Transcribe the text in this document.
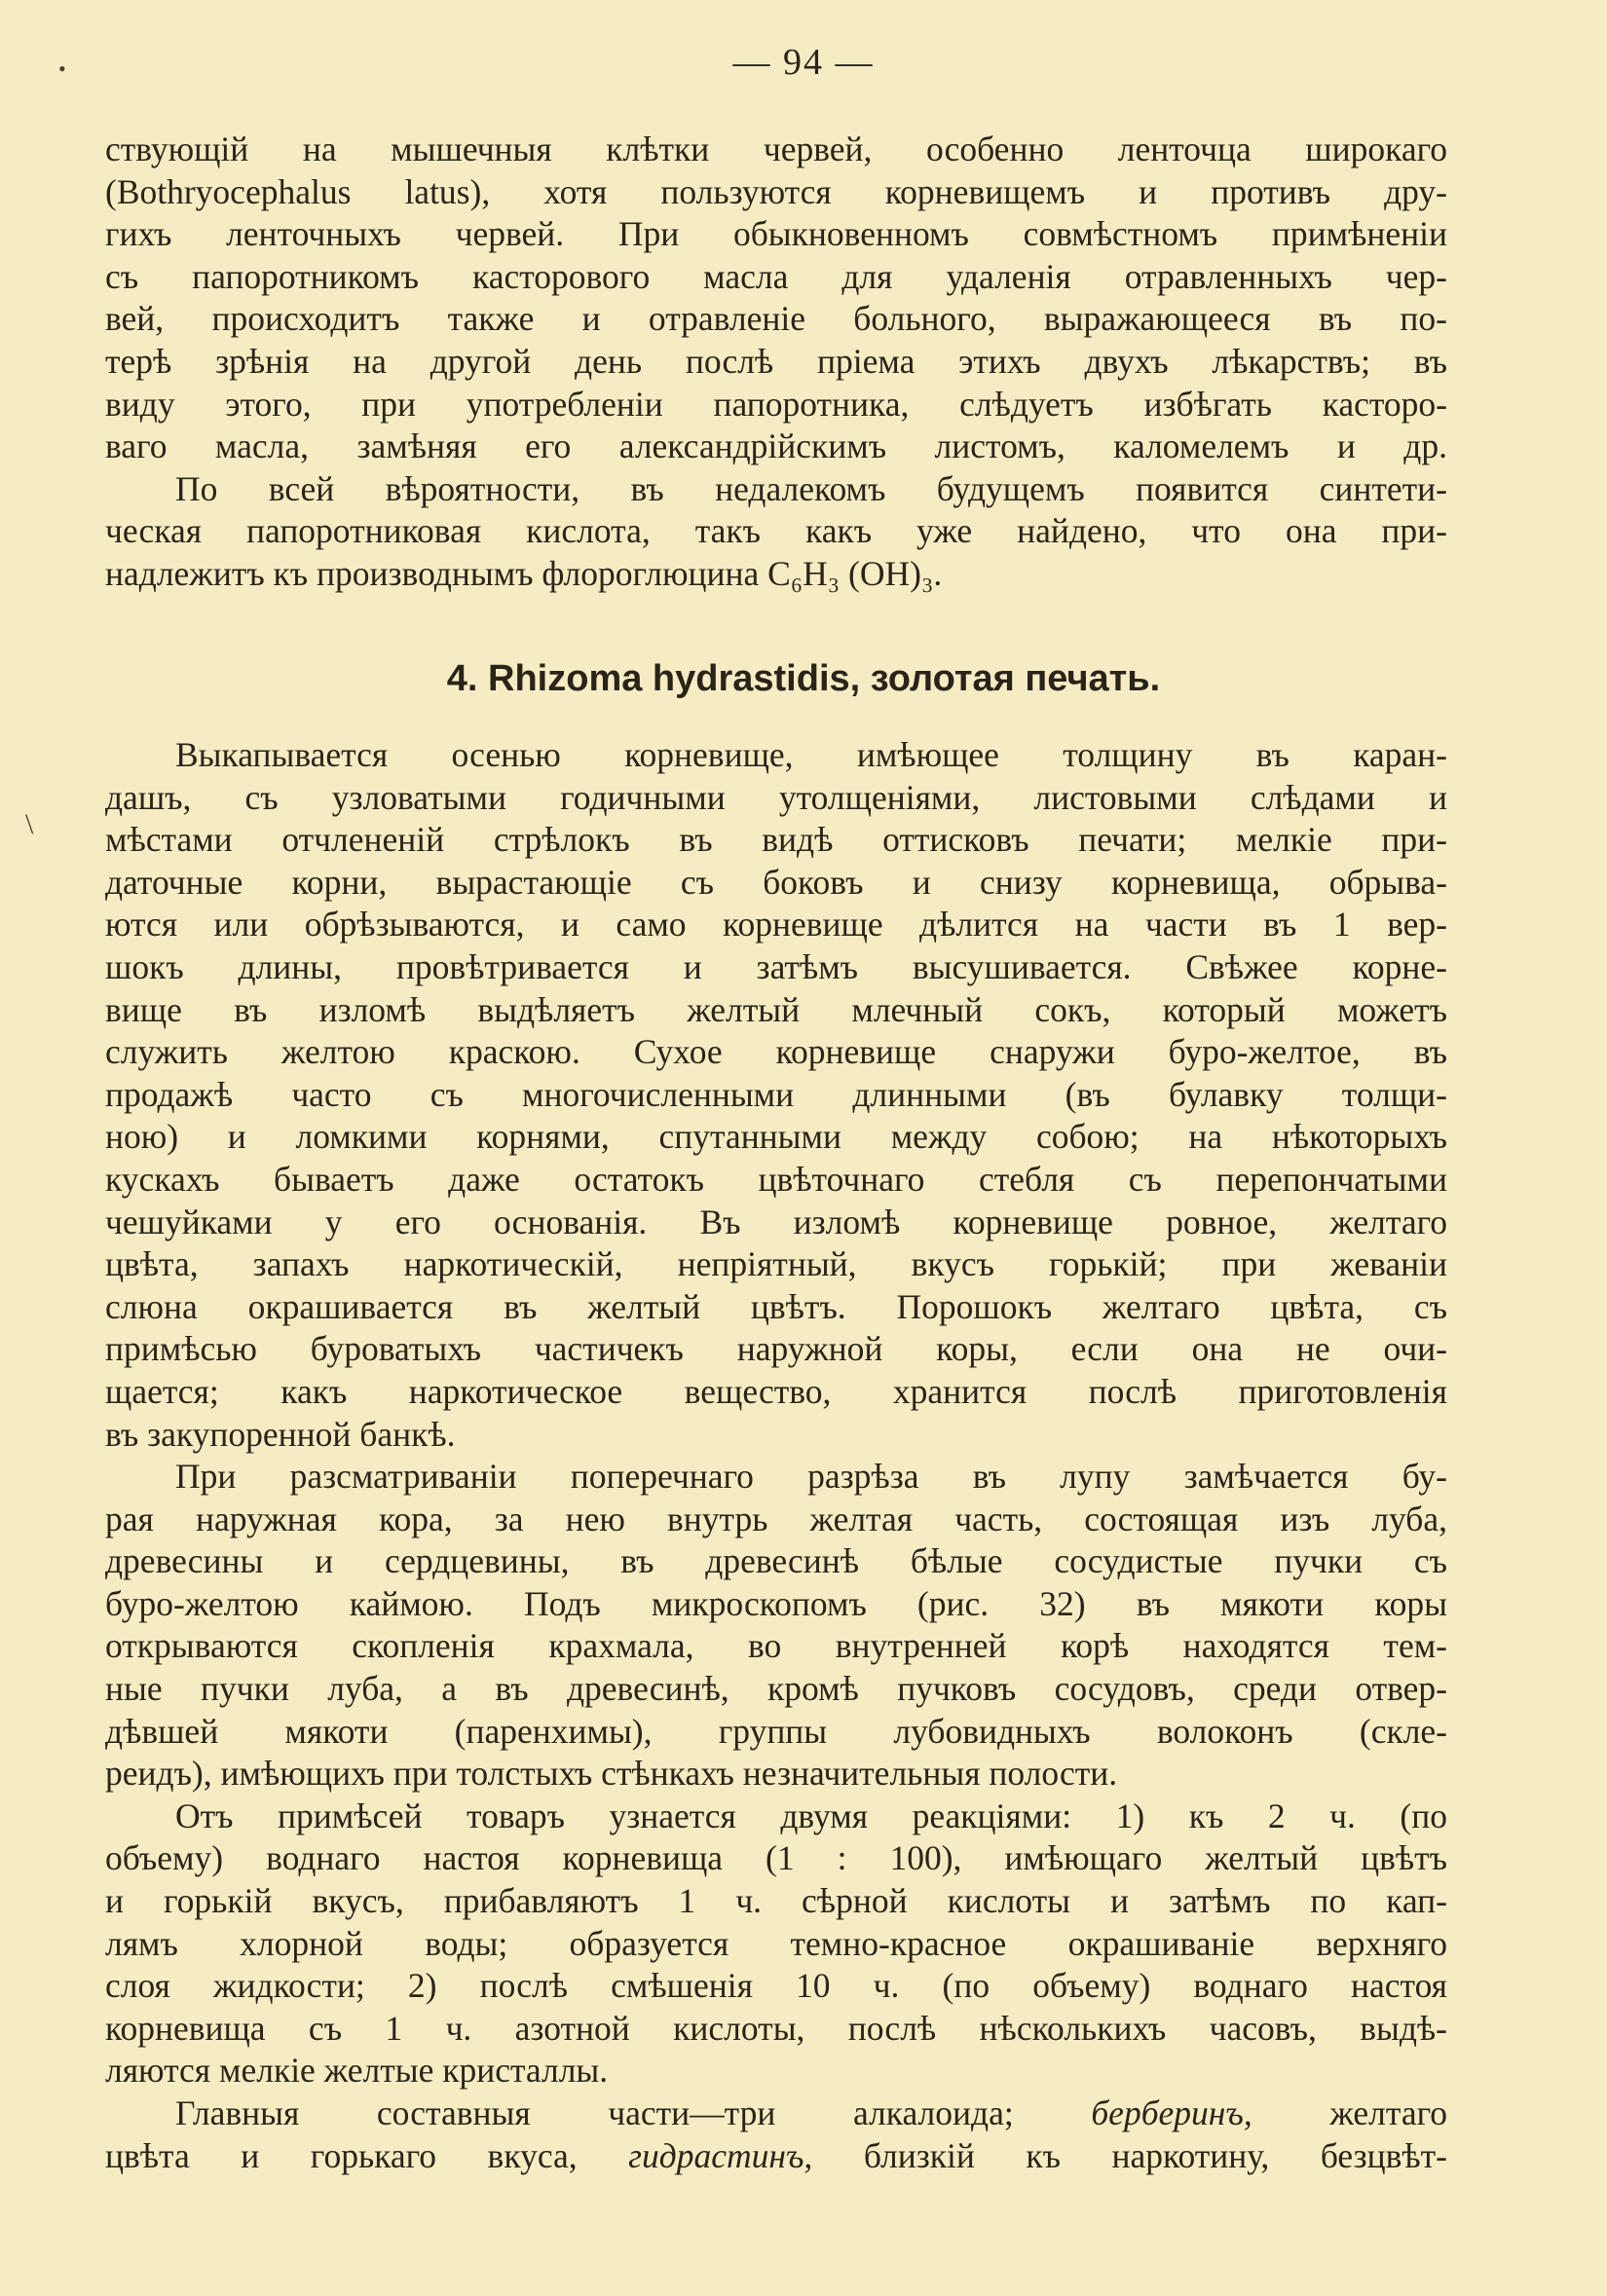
•
\
— 94 —
ствующій на мышечныя клѣтки червей, особенно ленточца широкаго
(Bothryocephalus latus), хотя пользуются корневищемъ и противъ дру-
гихъ ленточныхъ червей. При обыкновенномъ совмѣстномъ примѣненіи
съ папоротникомъ касторового масла для удаленія отравленныхъ чер-
вей, происходитъ также и отравленіе больного, выражающееся въ по-
терѣ зрѣнія на другой день послѣ пріема этихъ двухъ лѣкарствъ; въ
виду этого, при употребленіи папоротника, слѣдуетъ избѣгать касторо-
ваго масла, замѣняя его александрійскимъ листомъ, каломелемъ и др.
По всей вѣроятности, въ недалекомъ будущемъ появится синтети-
ческая папоротниковая кислота, такъ какъ уже найдено, что она при-
надлежитъ къ производнымъ флороглюцина C₆H₃ (OH)₃.
4. Rhizoma hydrastidis, золотая печать.
Выкапывается осенью корневище, имѣющее толщину въ каран-
дашъ, съ узловатыми годичными утолщеніями, листовыми слѣдами и
мѣстами отчлененій стрѣлокъ въ видѣ оттисковъ печати; мелкіе при-
даточные корни, вырастающіе съ боковъ и снизу корневища, обрыва-
ются или обрѣзываются, и само корневище дѣлится на части въ 1 вер-
шокъ длины, провѣтривается и затѣмъ высушивается. Свѣжее корне-
вище въ изломѣ выдѣляетъ желтый млечный сокъ, который можетъ
служить желтою краскою. Сухое корневище снаружи буро-желтое, въ
продажѣ часто съ многочисленными длинными (въ булавку толщи-
ною) и ломкими корнями, спутанными между собою; на нѣкоторыхъ
кускахъ бываетъ даже остатокъ цвѣточнаго стебля съ перепончатыми
чешуйками у его основанія. Въ изломѣ корневище ровное, желтаго
цвѣта, запахъ наркотическій, непріятный, вкусъ горькій; при жеваніи
слюна окрашивается въ желтый цвѣтъ. Порошокъ желтаго цвѣта, съ
примѣсью буроватыхъ частичекъ наружной коры, если она не очи-
щается; какъ наркотическое вещество, хранится послѣ приготовленія
въ закупоренной банкѣ.
При разсматриваніи поперечнаго разрѣза въ лупу замѣчается бу-
рая наружная кора, за нею внутрь желтая часть, состоящая изъ луба,
древесины и сердцевины, въ древесинѣ бѣлые сосудистые пучки съ
буро-желтою каймою. Подъ микроскопомъ (рис. 32) въ мякоти коры
открываются скопленія крахмала, во внутренней корѣ находятся тем-
ные пучки луба, а въ древесинѣ, кромѣ пучковъ сосудовъ, среди отвер-
дѣвшей мякоти (паренхимы), группы лубовидныхъ волоконъ (скле-
реидъ), имѣющихъ при толстыхъ стѣнкахъ незначительныя полости.
Отъ примѣсей товаръ узнается двумя реакціями: 1) къ 2 ч. (по
объему) воднаго настоя корневища (1 : 100), имѣющаго желтый цвѣтъ
и горькій вкусъ, прибавляютъ 1 ч. сѣрной кислоты и затѣмъ по кап-
лямъ хлорной воды; образуется темно-красное окрашиваніе верхняго
слоя жидкости; 2) послѣ смѣшенія 10 ч. (по объему) воднаго настоя
корневища съ 1 ч. азотной кислоты, послѣ нѣсколькихъ часовъ, выдѣ-
ляются мелкіе желтые кристаллы.
Главныя составныя части—три алкалоида; берберинъ, желтаго
цвѣта и горькаго вкуса, гидрастинъ, близкій къ наркотину, безцвѣт-
